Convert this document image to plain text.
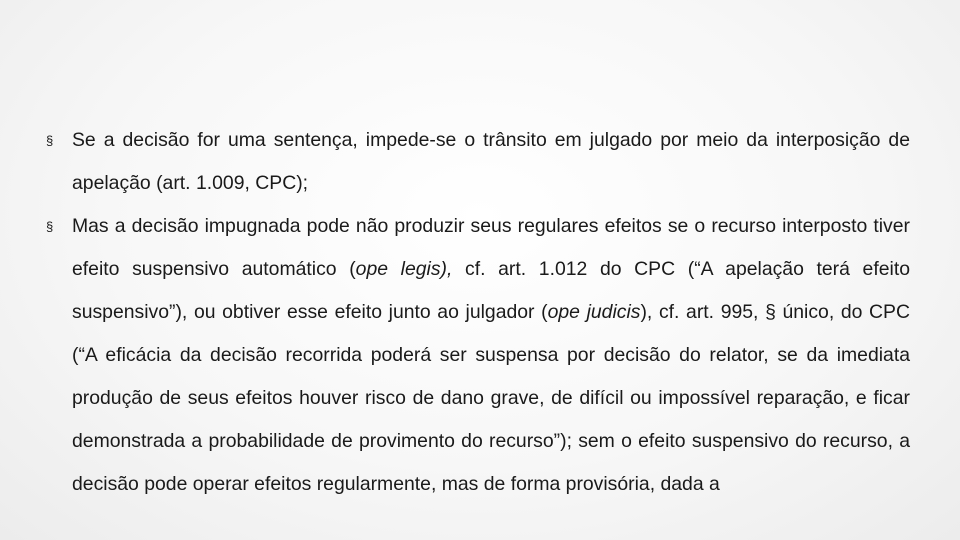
§ Se a decisão for uma sentença, impede-se o trânsito em julgado por meio da interposição de apelação (art. 1.009, CPC);
§ Mas a decisão impugnada pode não produzir seus regulares efeitos se o recurso interposto tiver efeito suspensivo automático (ope legis), cf. art. 1.012 do CPC (“A apelação terá efeito suspensivo”), ou obtiver esse efeito junto ao julgador (ope judicis), cf. art. 995, § único, do CPC (“A eficácia da decisão recorrida poderá ser suspensa por decisão do relator, se da imediata produção de seus efeitos houver risco de dano grave, de difícil ou impossível reparação, e ficar demonstrada a probabilidade de provimento do recurso”); sem o efeito suspensivo do recurso, a decisão pode operar efeitos regularmente, mas de forma provisória, dada a
